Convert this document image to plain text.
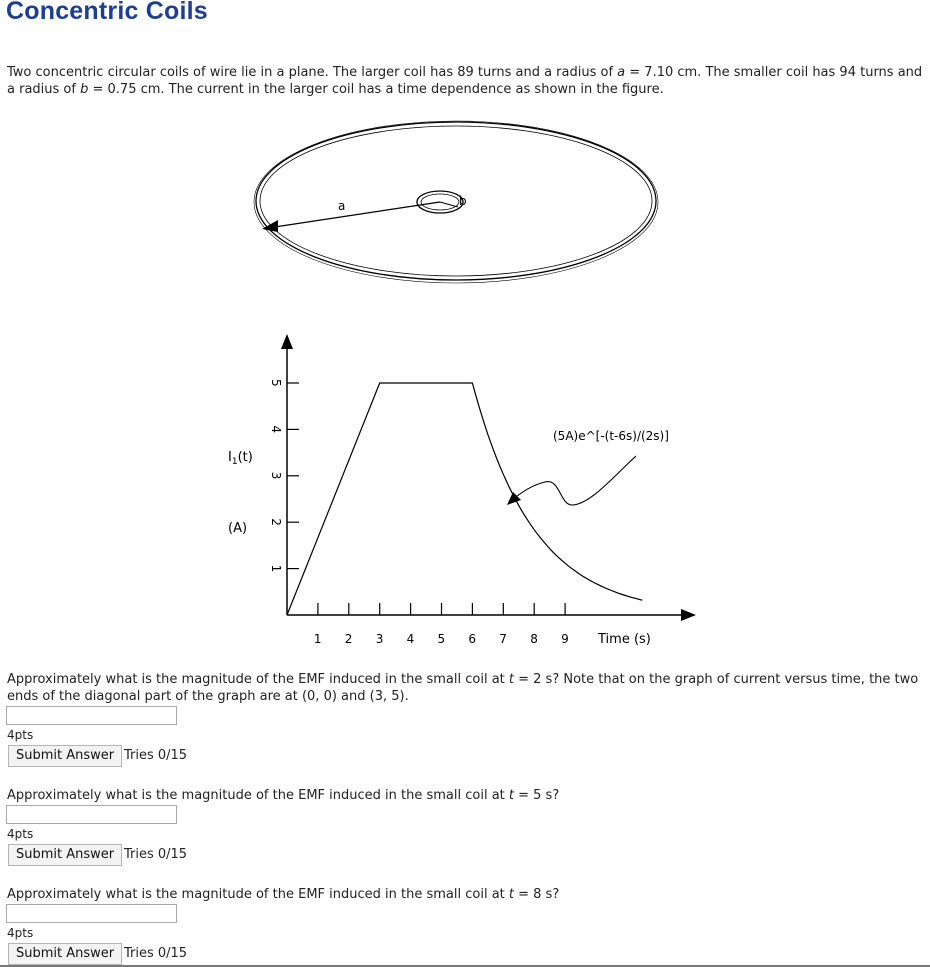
Concentric Coils
Two concentric circular coils of wire lie in a plane. The larger coil has 89 turns and a radius of a = 7.10 cm. The smaller coil has 94 turns and a radius of b = 0.75 cm. The current in the larger coil has a time dependence as shown in the figure.
a	b
1
2
3
4
5
1 2 3 4 5 6 7 8 9
$I_1(t)$
(A)
Time (s)
(5A)e^[-(t-6s)/(2s)]
Approximately what is the magnitude of the EMF induced in the small coil at t = 2 s? Note that on the graph of current versus time, the two ends of the diagonal part of the graph are at (0, 0) and (3, 5).
4pts
Submit Answer Tries 0/15
Approximately what is the magnitude of the EMF induced in the small coil at t = 5 s?
4pts
Submit Answer Tries 0/15
Approximately what is the magnitude of the EMF induced in the small coil at t = 8 s?
4pts
Submit Answer Tries 0/15
